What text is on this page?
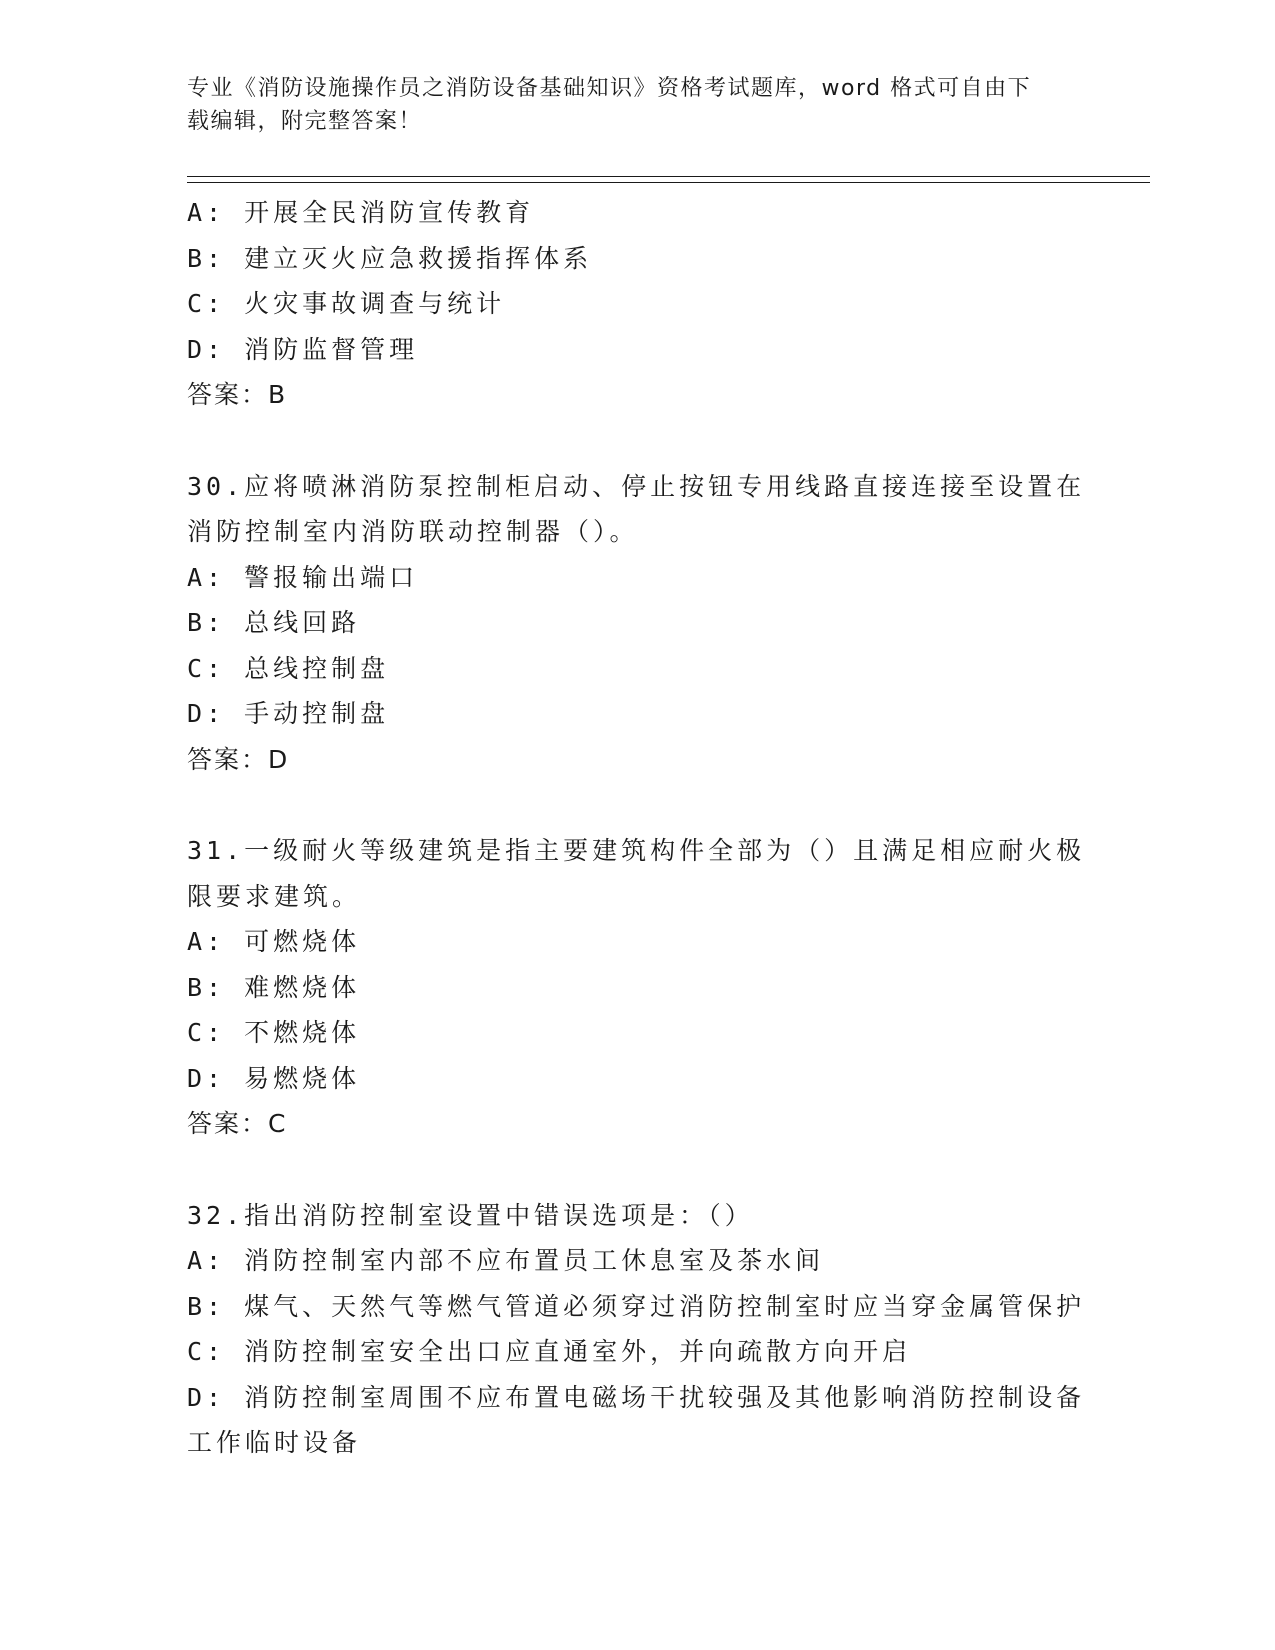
专业《消防设施操作员之消防设备基础知识》资格考试题库，word 格式可自由下
载编辑，附完整答案！
A: 开展全民消防宣传教育
B: 建立灭火应急救援指挥体系
C: 火灾事故调查与统计
D: 消防监督管理
答案：B
30.应将喷淋消防泵控制柜启动、停止按钮专用线路直接连接至设置在
消防控制室内消防联动控制器（）。
A: 警报输出端口
B: 总线回路
C: 总线控制盘
D: 手动控制盘
答案：D
31.一级耐火等级建筑是指主要建筑构件全部为（）且满足相应耐火极
限要求建筑。
A: 可燃烧体
B: 难燃烧体
C: 不燃烧体
D: 易燃烧体
答案：C
32.指出消防控制室设置中错误选项是：（）
A: 消防控制室内部不应布置员工休息室及茶水间
B: 煤气、天然气等燃气管道必须穿过消防控制室时应当穿金属管保护
C: 消防控制室安全出口应直通室外，并向疏散方向开启
D: 消防控制室周围不应布置电磁场干扰较强及其他影响消防控制设备
工作临时设备
